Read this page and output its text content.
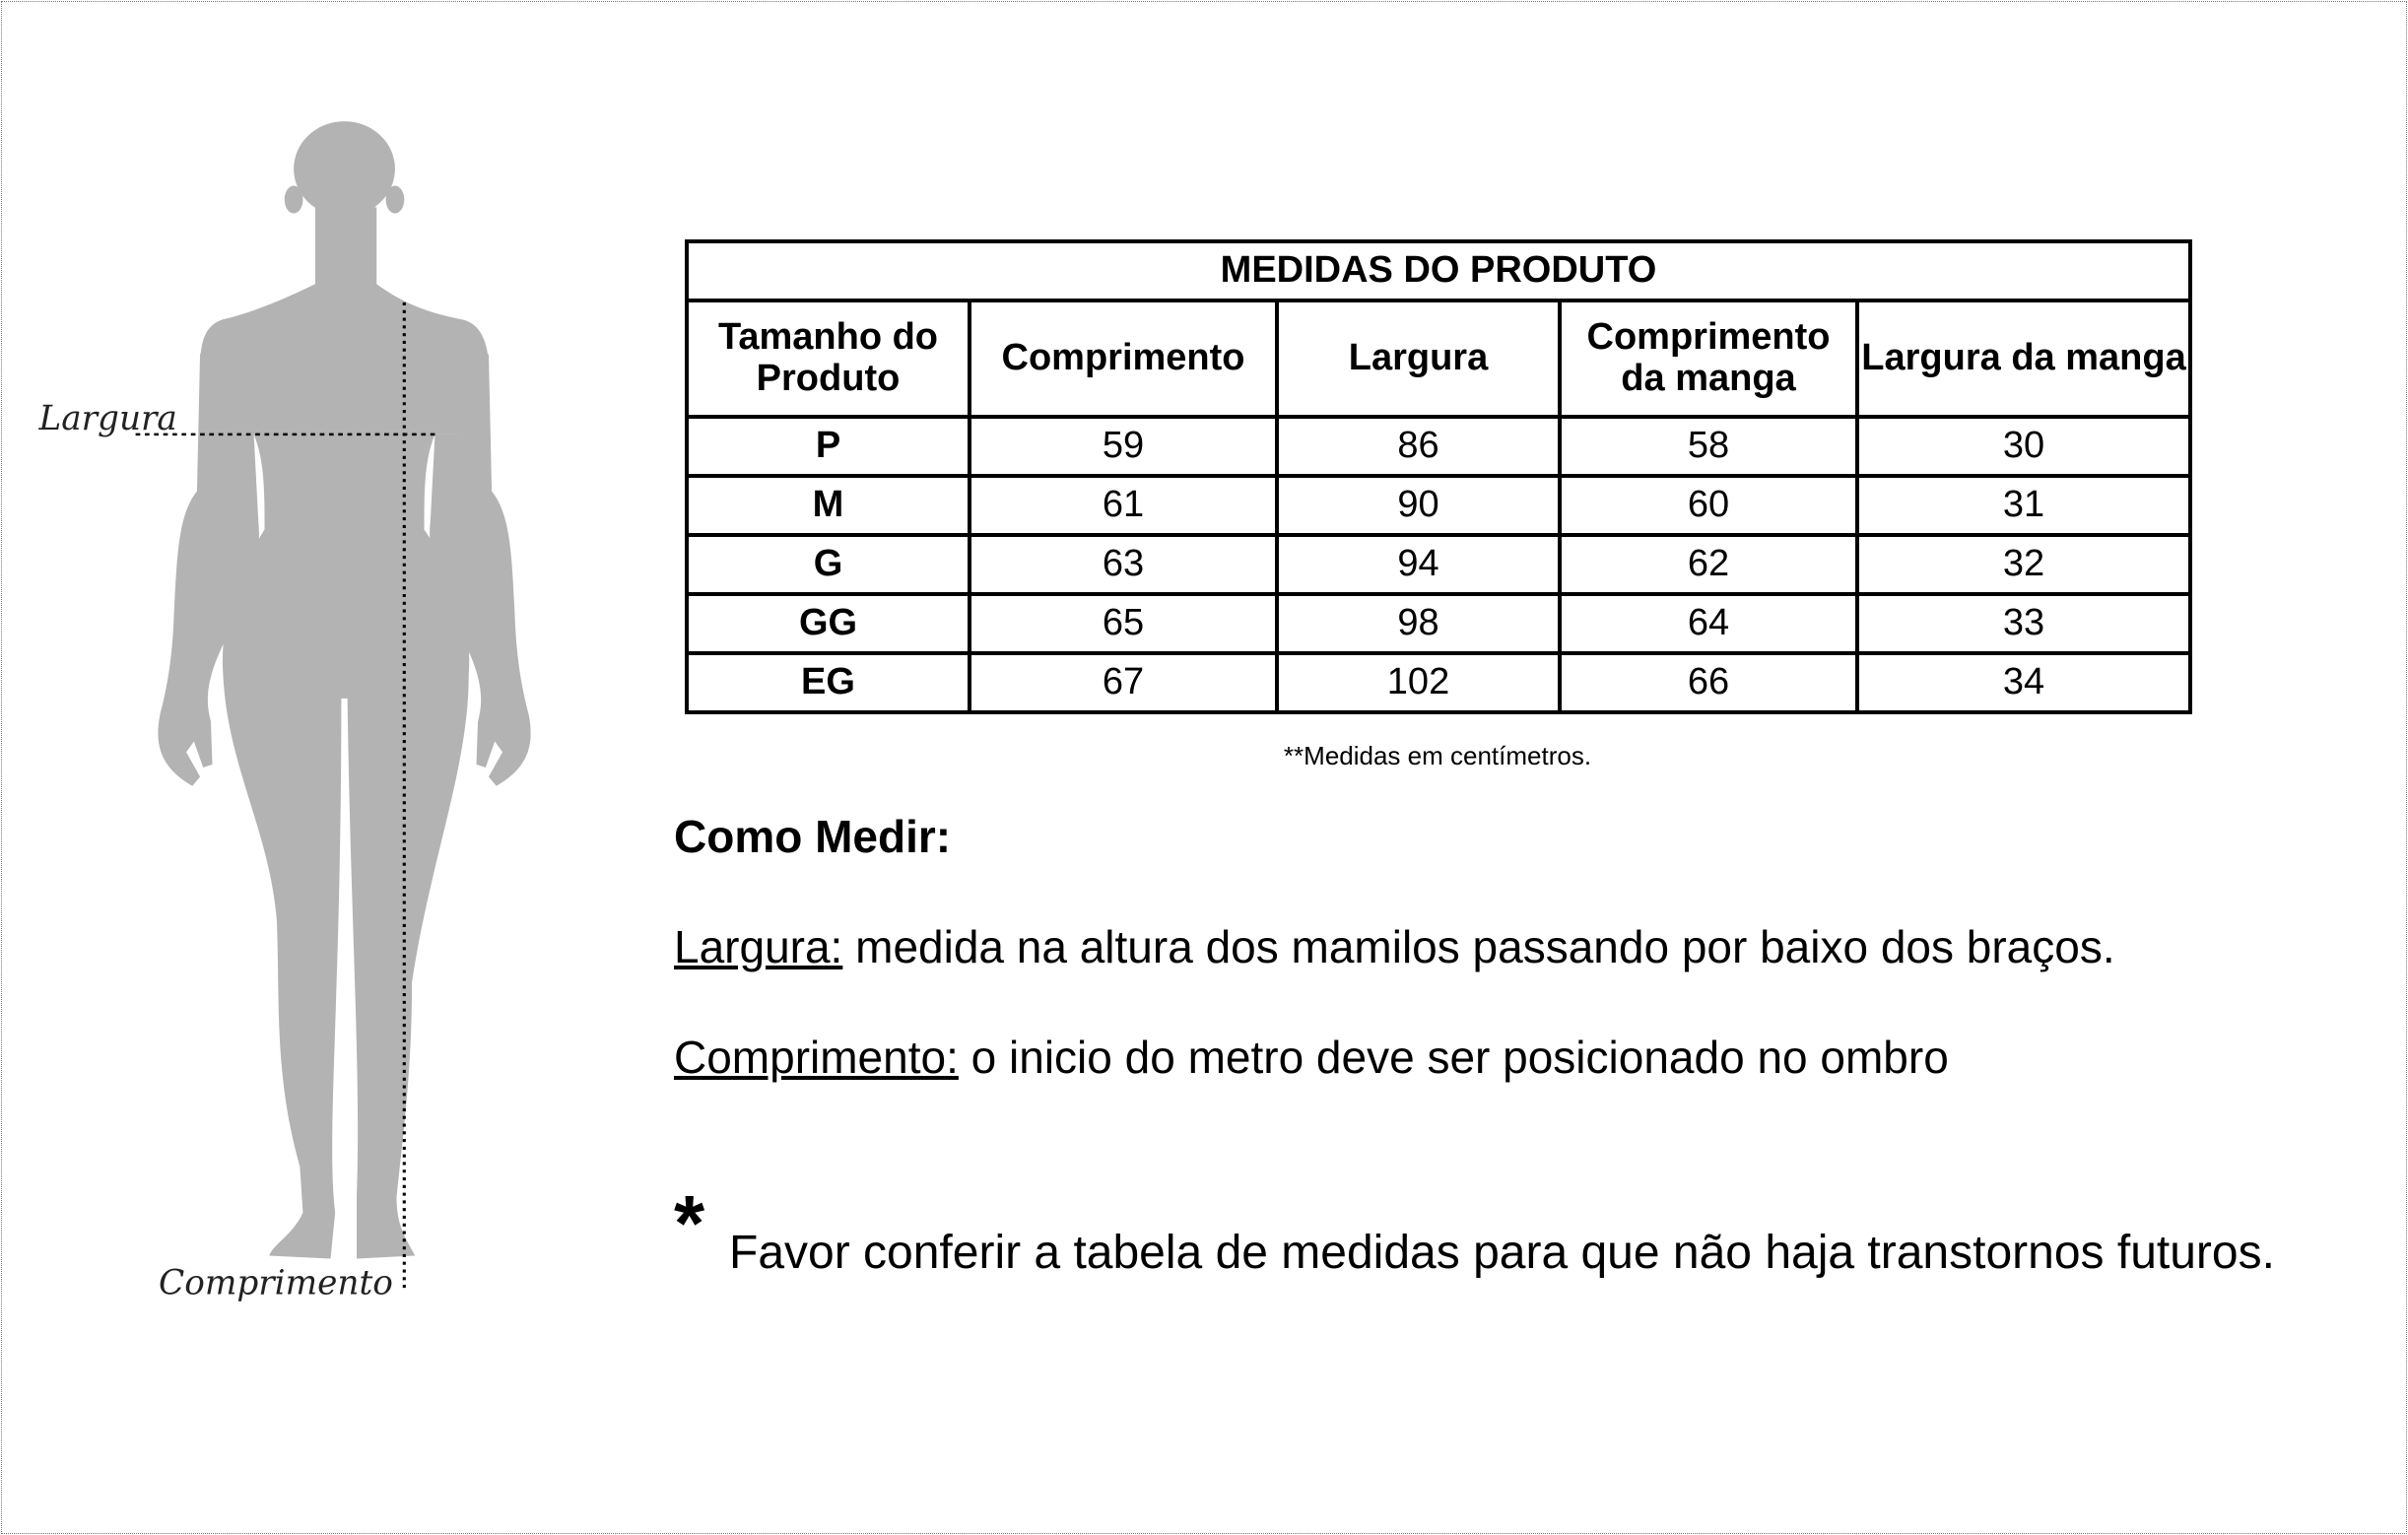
Largura
Comprimento
MEDIDAS DO PRODUTO				
Tamanho do Produto	Comprimento	Largura	Comprimento da manga	Largura da manga
P	59	86	58	30
M	61	90	60	31
G	63	94	62	32
GG	65	98	64	33
EG	67	102	66	34
**Medidas em centímetros.
Como Medir:
Largura: medida na altura dos mamilos passando por baixo dos braços.
Comprimento: o inicio do metro deve ser posicionado no ombro
* Favor conferir a tabela de medidas para que não haja transtornos futuros.
